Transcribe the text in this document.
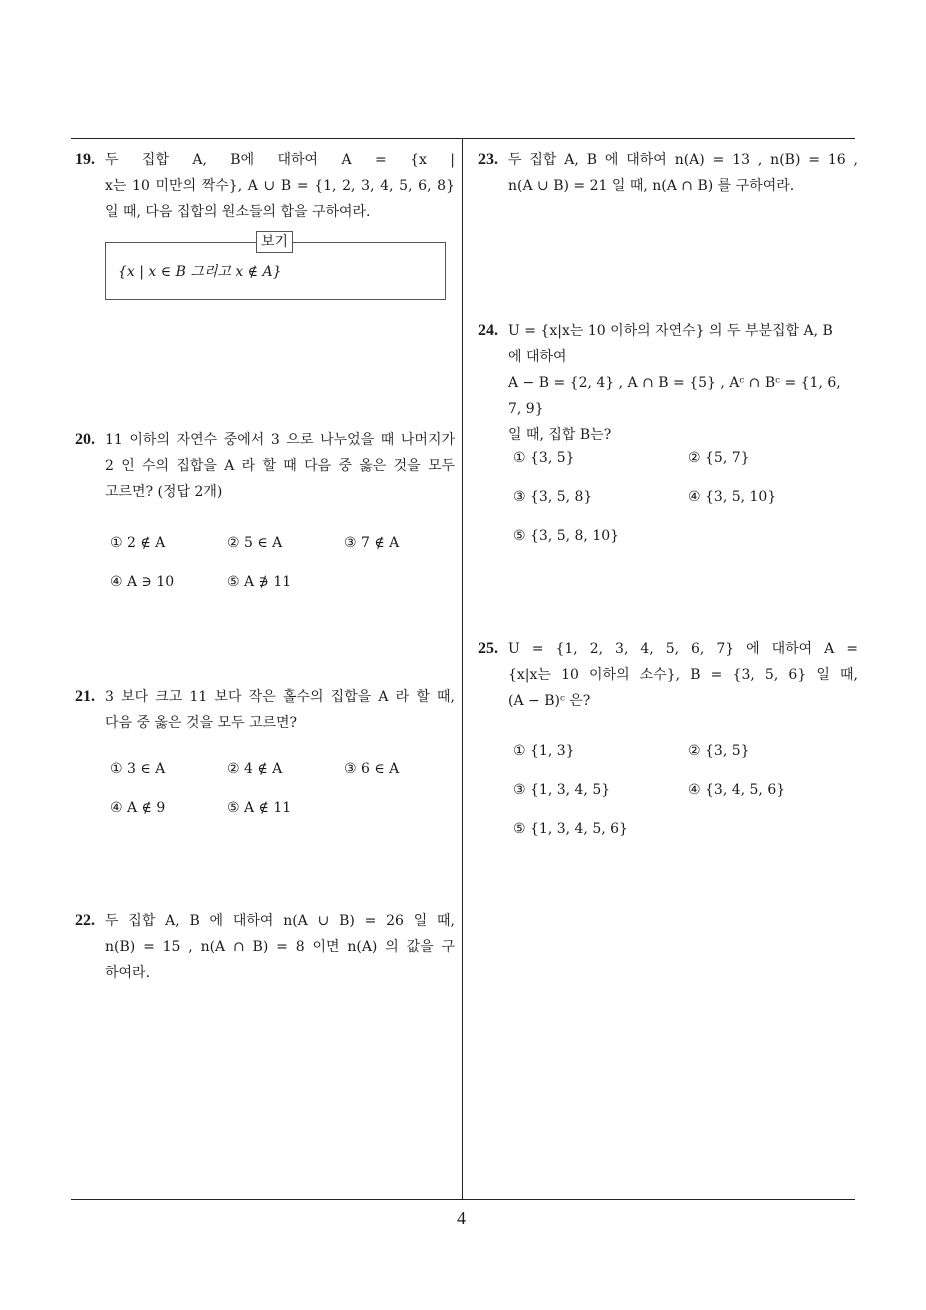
19. 두 집합 A, B에 대하여 A = {x |

x는 10 미만의 짝수}, A ∪ B = {1, 2, 3, 4, 5, 6, 8}

일 때, 다음 집합의 원소들의 합을 구하여라.

보기
{x | x ∈ B 그리고 x ∉ A}
20. 11 이하의 자연수 중에서 3 으로 나누었을 때 나머지가

2 인 수의 집합을 A 라 할 때 다음 중 옳은 것을 모두

고르면? (정답 2개)

① 2 ∉ A	② 5 ∈ A	③ 7 ∉ A
④ A ∋ 10	⑤ A ∌ 11
21. 3 보다 크고 11 보다 작은 홀수의 집합을 A 라 할 때,

다음 중 옳은 것을 모두 고르면?

① 3 ∈ A	② 4 ∉ A	③ 6 ∈ A
④ A ∉ 9	⑤ A ∉ 11
22. 두 집합 A, B 에 대하여 n(A ∪ B) = 26 일 때,

n(B) = 15 , n(A ∩ B) = 8 이면 n(A) 의 값을 구

하여라.

23. 두 집합 A, B 에 대하여 n(A) = 13 , n(B) = 16 ,

n(A ∪ B) = 21 일 때, n(A ∩ B) 를 구하여라.

24. U = {x|x는 10 이하의 자연수} 의 두 부분집합 A, B

에 대하여

A − B = {2, 4} , A ∩ B = {5} , Aᶜ ∩ Bᶜ = {1, 6, 7, 9}

일 때, 집합 B는?

① {3, 5}	② {5, 7}
③ {3, 5, 8}	④ {3, 5, 10}
⑤ {3, 5, 8, 10}
25. U = {1, 2, 3, 4, 5, 6, 7} 에 대하여 A =

{x|x는 10 이하의 소수}, B = {3, 5, 6} 일 때,

(A − B)ᶜ 은?

① {1, 3}	② {3, 5}
③ {1, 3, 4, 5}	④ {3, 4, 5, 6}
⑤ {1, 3, 4, 5, 6}
4
